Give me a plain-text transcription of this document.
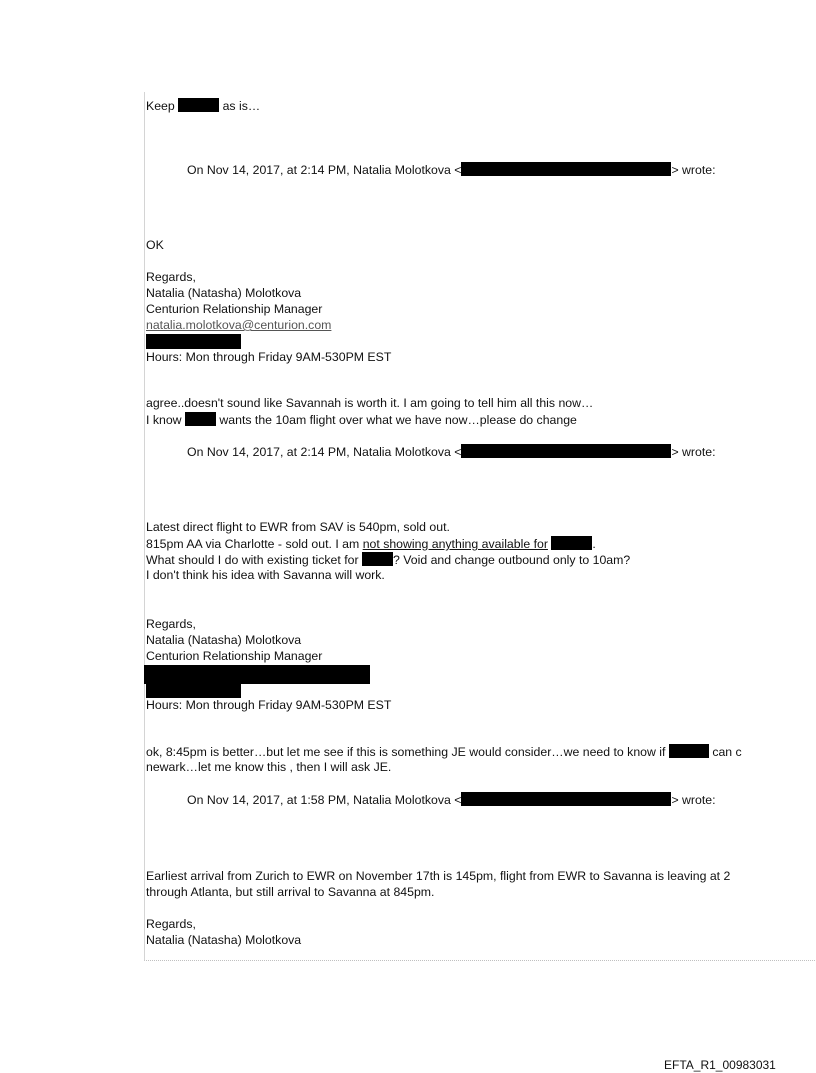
Keep	as is…
On Nov 14, 2017, at 2:14 PM, Natalia Molotkova <	> wrote:
OK
Regards,
Natalia (Natasha) Molotkova
Centurion Relationship Manager
natalia.molotkova@centurion.com
Hours: Mon through Friday 9AM-530PM EST
agree..doesn't sound like Savannah is worth it. I am going to tell him all this now…
I know	wants the 10am flight over what we have now…please do change
On Nov 14, 2017, at 2:14 PM, Natalia Molotkova <	> wrote:
Latest direct flight to EWR from SAV is 540pm, sold out.
815pm AA via Charlotte - sold out. I am not showing anything available for	.
What should I do with existing ticket for	? Void and change outbound only to 10am?
I don't think his idea with Savanna will work.
Regards,
Natalia (Natasha) Molotkova
Centurion Relationship Manager
Hours: Mon through Friday 9AM-530PM EST
ok, 8:45pm is better…but let me see if this is something JE would consider…we need to know if	can c
newark…let me know this , then I will ask JE.
On Nov 14, 2017, at 1:58 PM, Natalia Molotkova <	> wrote:
Earliest arrival from Zurich to EWR on November 17th is 145pm, flight from EWR to Savanna is leaving at 2
through Atlanta, but still arrival to Savanna at 845pm.
Regards,
Natalia (Natasha) Molotkova
EFTA_R1_00983031
